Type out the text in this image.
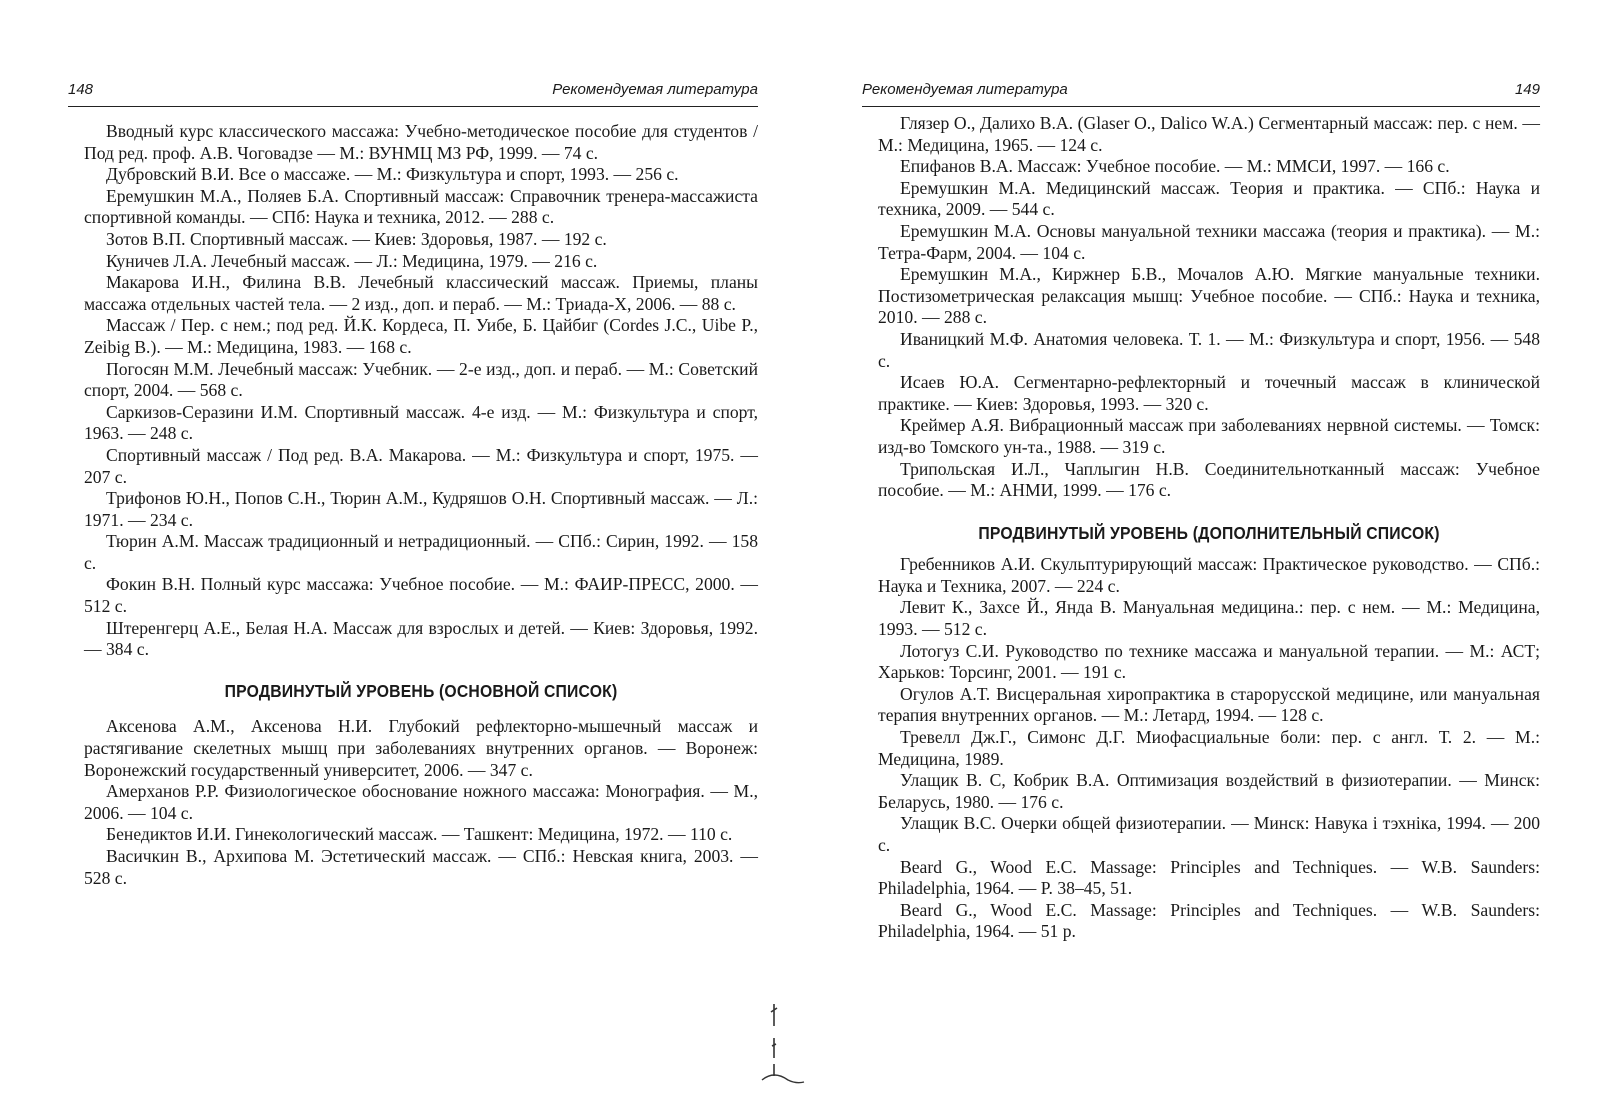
148	Рекомендуемая литература

Вводный курс классического массажа: Учебно-методическое пособие для студентов / Под ред. проф. А.В. Чоговадзе — М.: ВУНМЦ МЗ РФ, 1999. — 74 с.

Дубровский В.И. Все о массаже. — М.: Физкультура и спорт, 1993. — 256 с.

Еремушкин М.А., Поляев Б.А. Спортивный массаж: Справочник тренера-массажиста спортивной команды. — СПб: Наука и техника, 2012. — 288 с.

Зотов В.П. Спортивный массаж. — Киев: Здоровья, 1987. — 192 с.

Куничев Л.А. Лечебный массаж. — Л.: Медицина, 1979. — 216 с.

Макарова И.Н., Филина В.В. Лечебный классический массаж. Приемы, планы массажа отдельных частей тела. — 2 изд., доп. и пераб. — М.: Триада-Х, 2006. — 88 с.

Массаж / Пер. с нем.; под ред. Й.К. Кордеса, П. Уибе, Б. Цайбиг (Cordes J.C., Uibe P., Zeibig B.). — М.: Медицина, 1983. — 168 с.

Погосян М.М. Лечебный массаж: Учебник. — 2-е изд., доп. и пераб. — М.: Советский спорт, 2004. — 568 с.

Саркизов-Серазини И.М. Спортивный массаж. 4-е изд. — М.: Физкультура и спорт, 1963. — 248 с.

Спортивный массаж / Под ред. В.А. Макарова. — М.: Физкультура и спорт, 1975. — 207 с.

Трифонов Ю.Н., Попов С.Н., Тюрин А.М., Кудряшов О.Н. Спортивный массаж. — Л.: 1971. — 234 с.

Тюрин А.М. Массаж традиционный и нетрадиционный. — СПб.: Сирин, 1992. — 158 с.

Фокин В.Н. Полный курс массажа: Учебное пособие. — М.: ФАИР-ПРЕСС, 2000. — 512 с.

Штеренгерц А.Е., Белая Н.А. Массаж для взрослых и детей. — Киев: Здоровья, 1992. — 384 с.

ПРОДВИНУТЫЙ УРОВЕНЬ (ОСНОВНОЙ СПИСОК)

Аксенова А.М., Аксенова Н.И. Глубокий рефлекторно-мышечный массаж и растягивание скелетных мышц при заболеваниях внутренних органов. — Воронеж: Воронежский государственный университет, 2006. — 347 с.

Амерханов Р.Р. Физиологическое обоснование ножного массажа: Монография. — М., 2006. — 104 с.

Бенедиктов И.И. Гинекологический массаж. — Ташкент: Медицина, 1972. — 110 с.

Васичкин В., Архипова М. Эстетический массаж. — СПб.: Невская книга, 2003. — 528 с.

Рекомендуемая литература	149

Глязер О., Далихо В.А. (Glaser O., Dalico W.A.) Сегментарный массаж: пер. с нем. — М.: Медицина, 1965. — 124 с.

Епифанов В.А. Массаж: Учебное пособие. — М.: ММСИ, 1997. — 166 с.

Еремушкин М.А. Медицинский массаж. Теория и практика. — СПб.: Наука и техника, 2009. — 544 с.

Еремушкин М.А. Основы мануальной техники массажа (теория и практика). — М.: Тетра-Фарм, 2004. — 104 с.

Еремушкин М.А., Киржнер Б.В., Мочалов А.Ю. Мягкие мануальные техники. Постизометрическая релаксация мышц: Учебное пособие. — СПб.: Наука и техника, 2010. — 288 с.

Иваницкий М.Ф. Анатомия человека. Т. 1. — М.: Физкультура и спорт, 1956. — 548 с.

Исаев Ю.А. Сегментарно-рефлекторный и точечный массаж в клинической практике. — Киев: Здоровья, 1993. — 320 с.

Креймер А.Я. Вибрационный массаж при заболеваниях нервной системы. — Томск: изд-во Томского ун-та., 1988. — 319 с.

Трипольская И.Л., Чаплыгин Н.В. Соединительнотканный массаж: Учебное пособие. — М.: АНМИ, 1999. — 176 с.

ПРОДВИНУТЫЙ УРОВЕНЬ (ДОПОЛНИТЕЛЬНЫЙ СПИСОК)

Гребенников А.И. Скульптурирующий массаж: Практическое руководство. — СПб.: Наука и Техника, 2007. — 224 с.

Левит К., Захсе Й., Янда В. Мануальная медицина.: пер. с нем. — М.: Медицина, 1993. — 512 с.

Лотогуз С.И. Руководство по технике массажа и мануальной терапии. — М.: АСТ; Харьков: Торсинг, 2001. — 191 с.

Огулов А.Т. Висцеральная хиропрактика в старорусской медицине, или мануальная терапия внутренних органов. — М.: Летард, 1994. — 128 с.

Тревелл Дж.Г., Симонс Д.Г. Миофасциальные боли: пер. с англ. Т. 2. — М.: Медицина, 1989.

Улащик В. С, Кобрик В.А. Оптимизация воздействий в физиотерапии. — Минск: Беларусь, 1980. — 176 с.

Улащик В.С. Очерки общей физиотерапии. — Минск: Навука і тэхніка, 1994. — 200 с.

Beard G., Wood E.C. Massage: Principles and Techniques. — W.B. Saunders: Philadelphia, 1964. — P. 38–45, 51.

Beard G., Wood E.C. Massage: Principles and Techniques. — W.B. Saunders: Philadelphia, 1964. — 51 p.
